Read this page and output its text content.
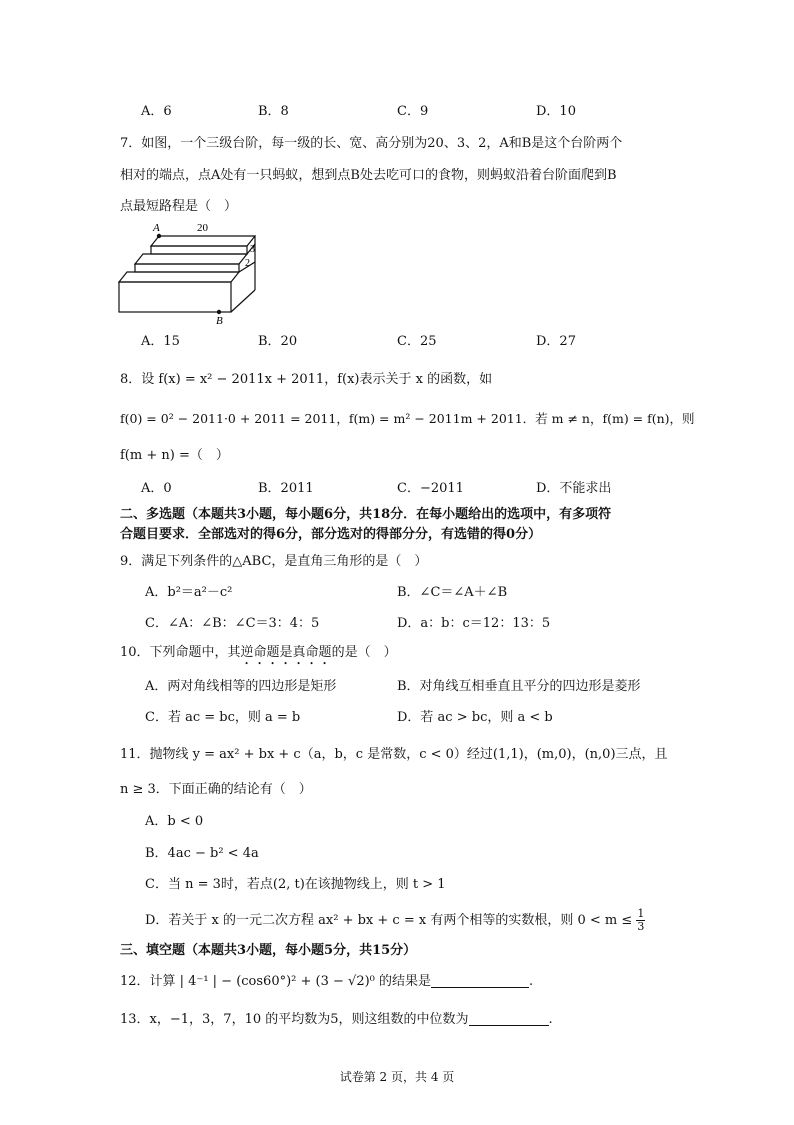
A．6	B．8	C．9	D．10
7．如图，一个三级台阶，每一级的长、宽、高分别为20、3、2，A和B是这个台阶两个
相对的端点，点A处有一只蚂蚁，想到点B处去吃可口的食物，则蚂蚁沿着台阶面爬到B
点最短路程是（　）
A	20
3
2
B
A．15	B．20	C．25	D．27
8．设 f(x) = x² − 2011x + 2011，f(x)表示关于 x 的函数，如
f(0) = 0² − 2011·0 + 2011 = 2011，f(m) = m² − 2011m + 2011．若 m ≠ n，f(m) = f(n)，则
f(m + n) =（　）
A．0	B．2011	C．−2011	D．不能求出
二、多选题（本题共3小题，每小题6分，共18分．在每小题给出的选项中，有多项符
合题目要求．全部选对的得6分，部分选对的得部分分，有选错的得0分）
9．满足下列条件的△ABC，是直角三角形的是（　）
A．b²＝a²－c²	B．∠C＝∠A＋∠B
C．∠A：∠B：∠C＝3：4：5	D．a：b：c＝12：13：5
10．下列命题中，其逆命题是真命题的是（　）
A．两对角线相等的四边形是矩形	B．对角线互相垂直且平分的四边形是菱形
C．若 ac = bc，则 a = b	D．若 ac > bc，则 a < b
11．抛物线 y = ax² + bx + c（a，b，c 是常数，c < 0）经过(1,1)，(m,0)，(n,0)三点，且
n ≥ 3．下面正确的结论有（　）
A．b < 0
B．4ac − b² < 4a
C．当 n = 3时，若点(2, t)在该抛物线上，则 t > 1
D．若关于 x 的一元二次方程 ax² + bx + c = x 有两个相等的实数根，则 $0 < m \le \frac{1}{3}$
三、填空题（本题共3小题，每小题5分，共15分）
12．计算 | 4⁻¹ | − (cos60°)² + (3 − √2)⁰ 的结果是	.
13．x，−1，3，7，10 的平均数为5，则这组数的中位数为	.
试卷第 2 页，共 4 页
